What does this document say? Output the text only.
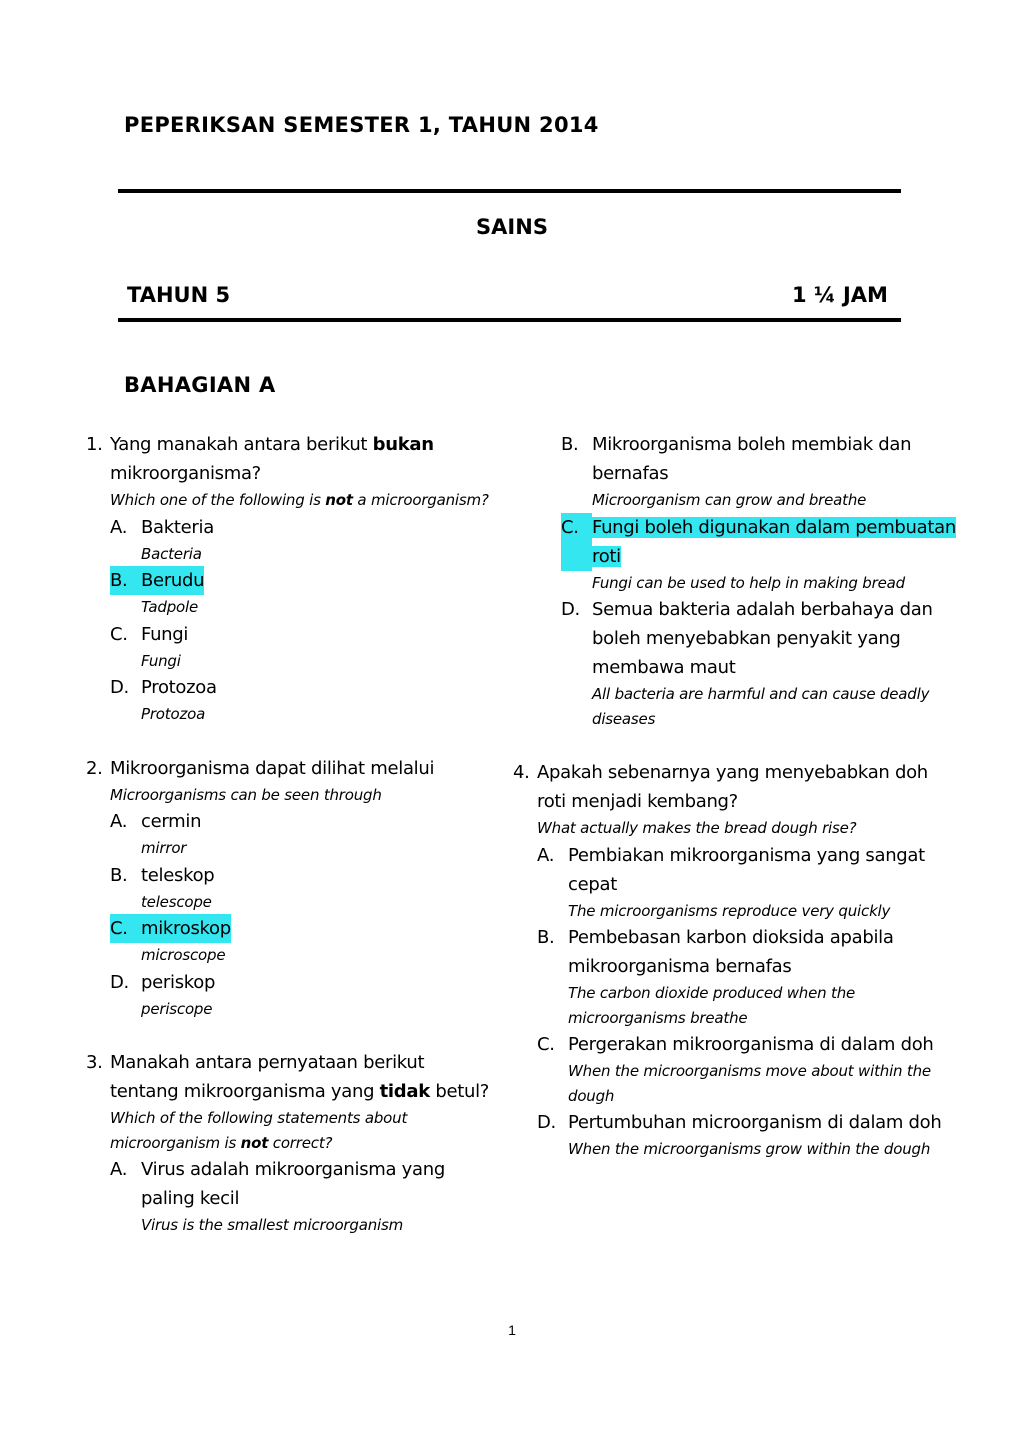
PEPERIKSAN SEMESTER 1, TAHUN 2014
SAINS
TAHUN 5	1 ¼ JAM
BAHAGIAN A
1. Yang manakah antara berikut bukan mikroorganisma?
Which one of the following is not a microorganism?
A. Bakteria
Bacteria
B. Berudu
Tadpole
C. Fungi
Fungi
D. Protozoa
Protozoa
2. Mikroorganisma dapat dilihat melalui
Microorganisms can be seen through
A. cermin
mirror
B. teleskop
telescope
C. mikroskop
microscope
D. periskop
periscope
3. Manakah antara pernyataan berikut tentang mikroorganisma yang tidak betul?
Which of the following statements about microorganism is not correct?
A. Virus adalah mikroorganisma yang paling kecil
Virus is the smallest microorganism
B. Mikroorganisma boleh membiak dan bernafas
Microorganism can grow and breathe
C. Fungi boleh digunakan dalam pembuatan roti
Fungi can be used to help in making bread
D. Semua bakteria adalah berbahaya dan boleh menyebabkan penyakit yang membawa maut
All bacteria are harmful and can cause deadly diseases
4. Apakah sebenarnya yang menyebabkan doh roti menjadi kembang?
What actually makes the bread dough rise?
A. Pembiakan mikroorganisma yang sangat cepat
The microorganisms reproduce very quickly
B. Pembebasan karbon dioksida apabila mikroorganisma bernafas
The carbon dioxide produced when the microorganisms breathe
C. Pergerakan mikroorganisma di dalam doh
When the microorganisms move about within the dough
D. Pertumbuhan microorganism di dalam doh
When the microorganisms grow within the dough
1
